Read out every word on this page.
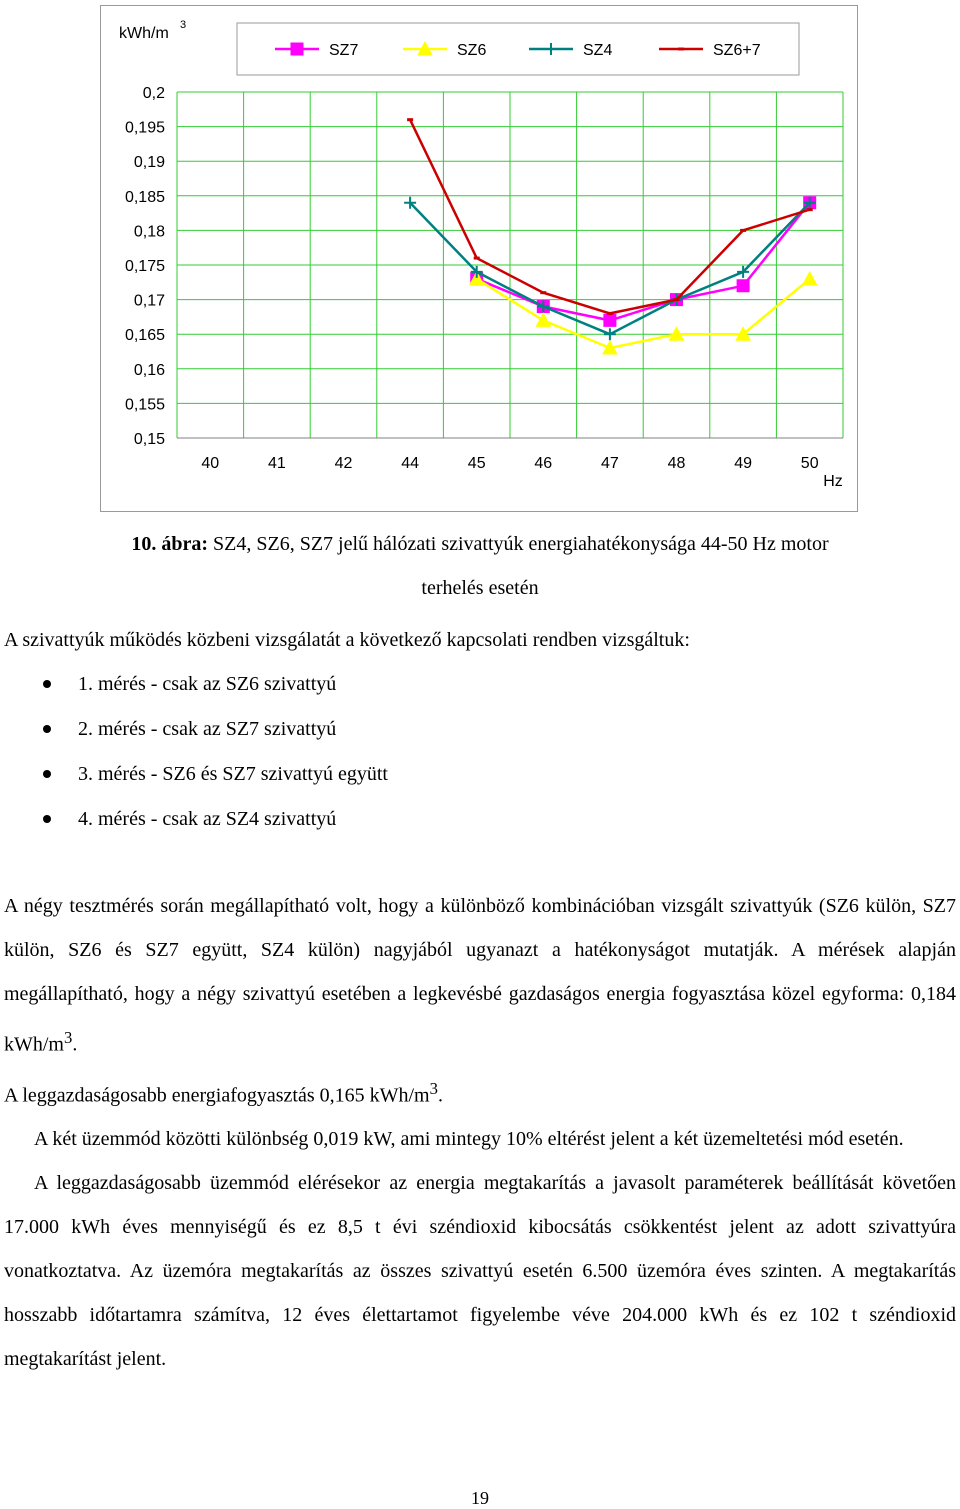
0,2
0,195
0,19
0,185
0,18
0,175
0,17
0,165
0,16
0,155
0,15
40	41	42	44	45	46	47	48	49	50
Hz
kWh/m 3
SZ7	SZ6	SZ4	SZ6+7
10. ábra: SZ4, SZ6, SZ7 jelű hálózati szivattyúk energiahatékonysága 44-50 Hz motor
terhelés esetén
A szivattyúk működés közbeni vizsgálatát a következő kapcsolati rendben vizsgáltuk:
1. mérés - csak az SZ6 szivattyú
2. mérés - csak az SZ7 szivattyú
3. mérés - SZ6 és SZ7 szivattyú együtt
4. mérés - csak az SZ4 szivattyú

A négy tesztmérés során megállapítható volt, hogy a különböző kombinációban vizsgált szivattyúk (SZ6 külön, SZ7 külön, SZ6 és SZ7 együtt, SZ4 külön) nagyjából ugyanazt a hatékonyságot mutatják. A mérések alapján megállapítható, hogy a négy szivattyú esetében a legkevésbé gazdaságos energia fogyasztása közel egyforma: 0,184 kWh/$m^3$.

A leggazdaságosabb energiafogyasztás 0,165 kWh/$m^3$.

A két üzemmód közötti különbség 0,019 kW, ami mintegy 10% eltérést jelent a két üzemeltetési mód esetén.

A leggazdaságosabb üzemmód elérésekor az energia megtakarítás a javasolt paraméterek beállítását követően 17.000 kWh éves mennyiségű és ez 8,5 t évi széndioxid kibocsátás csökkentést jelent az adott szivattyúra vonatkoztatva. Az üzemóra megtakarítás az összes szivattyú esetén 6.500 üzemóra éves szinten. A megtakarítás hosszabb időtartamra számítva, 12 éves élettartamot figyelembe véve 204.000 kWh és ez 102 t széndioxid megtakarítást jelent.

19
